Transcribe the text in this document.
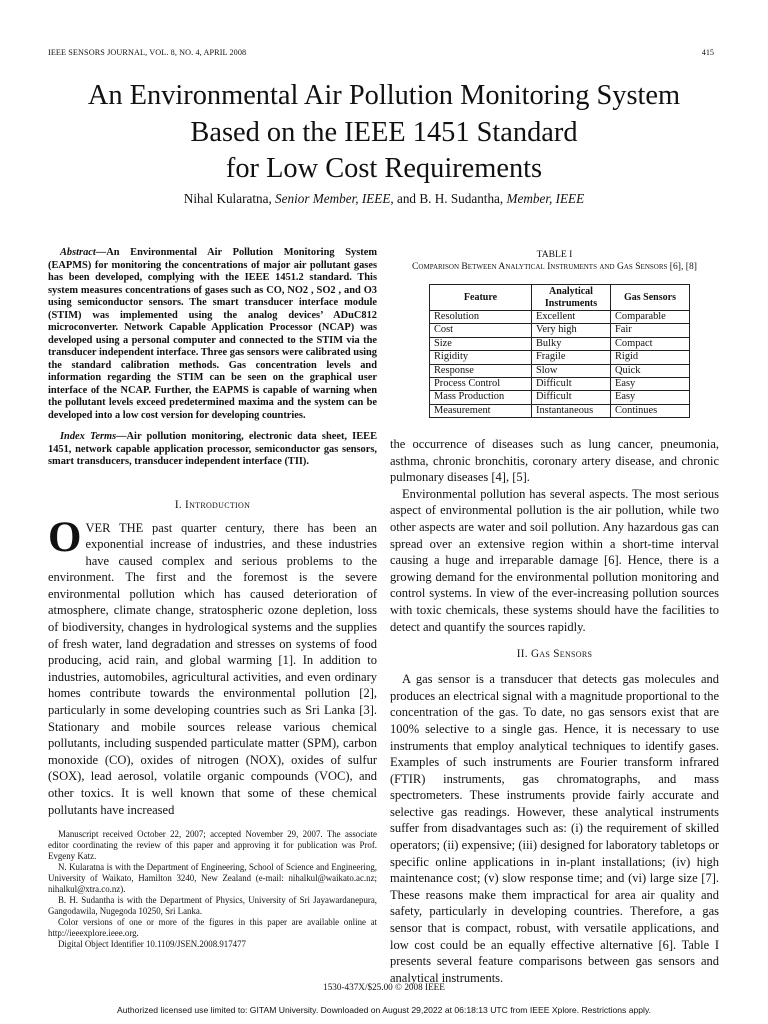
IEEE SENSORS JOURNAL, VOL. 8, NO. 4, APRIL 2008	415
An Environmental Air Pollution Monitoring System
Based on the IEEE 1451 Standard
for Low Cost Requirements
Nihal Kularatna, Senior Member, IEEE, and B. H. Sudantha, Member, IEEE
Abstract—An Environmental Air Pollution Monitoring System (EAPMS) for monitoring the concentrations of major air pollutant gases has been developed, complying with the IEEE 1451.2 standard. This system measures concentrations of gases such as CO, NO2 , SO2 , and O3 using semiconductor sensors. The smart transducer interface module (STIM) was implemented using the analog devices’ ADuC812 microconverter. Network Capable Application Processor (NCAP) was developed using a personal computer and connected to the STIM via the transducer independent interface. Three gas sensors were calibrated using the standard calibration methods. Gas concentration levels and information regarding the STIM can be seen on the graphical user interface of the NCAP. Further, the EAPMS is capable of warning when the pollutant levels exceed predetermined maxima and the system can be developed into a low cost version for developing countries.
Index Terms—Air pollution monitoring, electronic data sheet, IEEE 1451, network capable application processor, semiconductor gas sensors, smart transducers, transducer independent interface (TII).
I. Introduction
OVER THE past quarter century, there has been an exponential increase of industries, and these industries have caused complex and serious problems to the environment. The first and the foremost is the severe environmental pollution which has caused deterioration of atmosphere, climate change, stratospheric ozone depletion, loss of biodiversity, changes in hydrological systems and the supplies of fresh water, land degradation and stresses on systems of food producing, acid rain, and global warming [1]. In addition to industries, automobiles, agricultural activities, and even ordinary homes contribute towards the environmental pollution [2], particularly in some developing countries such as Sri Lanka [3]. Stationary and mobile sources release various chemical pollutants, including suspended particulate matter (SPM), carbon monoxide (CO), oxides of nitrogen (NOX), oxides of sulfur (SOX), lead aerosol, volatile organic compounds (VOC), and other toxics. It is well known that some of these chemical pollutants have increased
Manuscript received October 22, 2007; accepted November 29, 2007. The associate editor coordinating the review of this paper and approving it for publication was Prof. Evgeny Katz.
N. Kularatna is with the Department of Engineering, School of Science and Engineering, University of Waikato, Hamilton 3240, New Zealand (e-mail: nihalkul@waikato.ac.nz; nihalkul@xtra.co.nz).
B. H. Sudantha is with the Department of Physics, University of Sri Jayawardanepura, Gangodawila, Nugegoda 10250, Sri Lanka.
Color versions of one or more of the figures in this paper are available online at http://ieeexplore.ieee.org.
Digital Object Identifier 10.1109/JSEN.2008.917477
TABLE I
Comparison Between Analytical Instruments and Gas Sensors [6], [8]
Feature	Analytical Instruments	Gas Sensors
Resolution	Excellent	Comparable
Cost	Very high	Fair
Size	Bulky	Compact
Rigidity	Fragile	Rigid
Response	Slow	Quick
Process Control	Difficult	Easy
Mass Production	Difficult	Easy
Measurement	Instantaneous	Continues

the occurrence of diseases such as lung cancer, pneumonia, asthma, chronic bronchitis, coronary artery disease, and chronic pulmonary diseases [4], [5].

Environmental pollution has several aspects. The most serious aspect of environmental pollution is the air pollution, while two other aspects are water and soil pollution. Any hazardous gas can spread over an extensive region within a short-time interval causing a huge and irreparable damage [6]. Hence, there is a growing demand for the environmental pollution monitoring and control systems. In view of the ever-increasing pollution sources with toxic chemicals, these systems should have the facilities to detect and quantify the sources rapidly.

II. Gas Sensors

A gas sensor is a transducer that detects gas molecules and produces an electrical signal with a magnitude proportional to the concentration of the gas. To date, no gas sensors exist that are 100% selective to a single gas. Hence, it is necessary to use instruments that employ analytical techniques to identify gases. Examples of such instruments are Fourier transform infrared (FTIR) instruments, gas chromatographs, and mass spectrometers. These instruments provide fairly accurate and selective gas readings. However, these analytical instruments suffer from disadvantages such as: (i) the requirement of skilled operators; (ii) expensive; (iii) designed for laboratory tabletops or specific online applications in in-plant installations; (iv) high maintenance cost; (v) slow response time; and (vi) large size [7]. These reasons make them impractical for area air quality and safety, particularly in developing countries. Therefore, a gas sensor that is compact, robust, with versatile applications, and low cost could be an equally effective alternative [6]. Table I presents several feature comparisons between gas sensors and analytical instruments.

1530-437X/$25.00 © 2008 IEEE
Authorized licensed use limited to: GITAM University. Downloaded on August 29,2022 at 06:18:13 UTC from IEEE Xplore. Restrictions apply.
